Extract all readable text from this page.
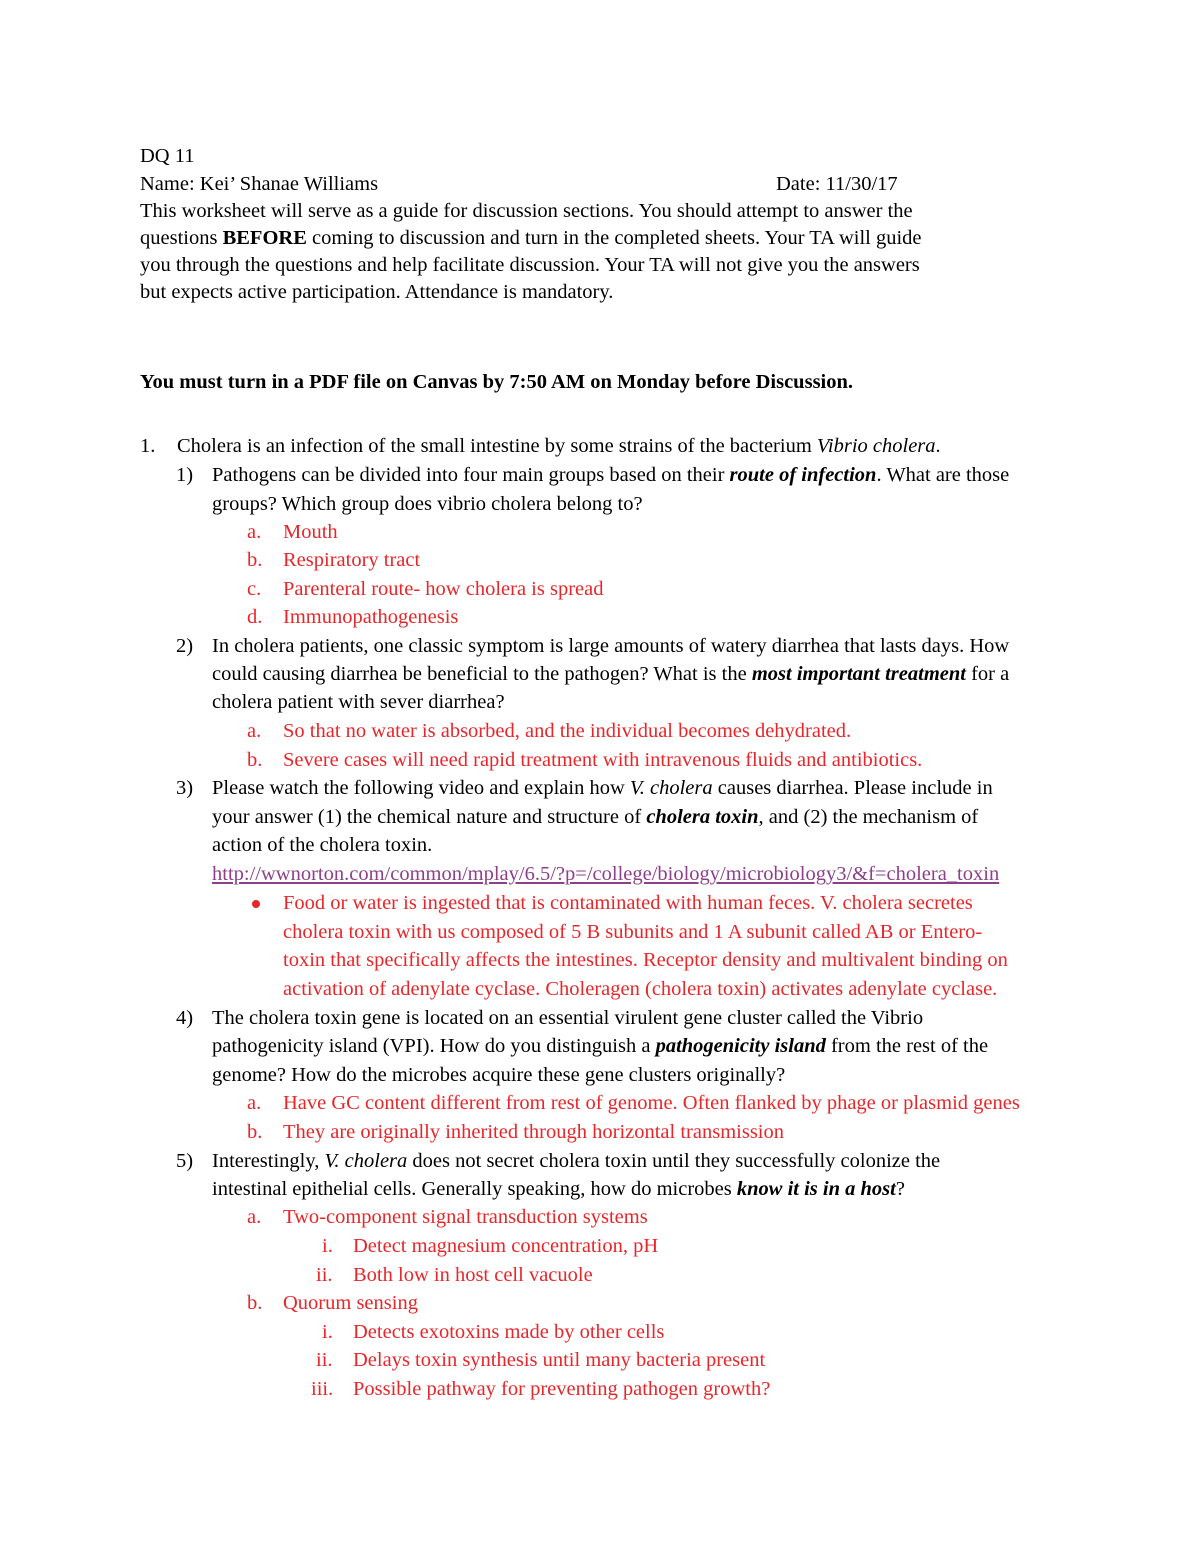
DQ 11
Name: Kei’ Shanae Williams	Date: 11/30/17
This worksheet will serve as a guide for discussion sections. You should attempt to answer the
questions BEFORE coming to discussion and turn in the completed sheets. Your TA will guide
you through the questions and help facilitate discussion. Your TA will not give you the answers
but expects active participation. Attendance is mandatory.
You must turn in a PDF file on Canvas by 7:50 AM on Monday before Discussion.
1. Cholera is an infection of the small intestine by some strains of the bacterium Vibrio cholera.
1) Pathogens can be divided into four main groups based on their route of infection. What are those
groups? Which group does vibrio cholera belong to?
a. Mouth
b. Respiratory tract
c. Parenteral route- how cholera is spread
d. Immunopathogenesis
2) In cholera patients, one classic symptom is large amounts of watery diarrhea that lasts days. How
could causing diarrhea be beneficial to the pathogen? What is the most important treatment for a
cholera patient with sever diarrhea?
a. So that no water is absorbed, and the individual becomes dehydrated.
b. Severe cases will need rapid treatment with intravenous fluids and antibiotics.
3) Please watch the following video and explain how V. cholera causes diarrhea. Please include in
your answer (1) the chemical nature and structure of cholera toxin, and (2) the mechanism of
action of the cholera toxin.
http://wwnorton.com/common/mplay/6.5/?p=/college/biology/microbiology3/&f=cholera_toxin
Food or water is ingested that is contaminated with human feces. V. cholera secretes
cholera toxin with us composed of 5 B subunits and 1 A subunit called AB or Entero-
toxin that specifically affects the intestines. Receptor density and multivalent binding on
activation of adenylate cyclase. Choleragen (cholera toxin) activates adenylate cyclase.
4) The cholera toxin gene is located on an essential virulent gene cluster called the Vibrio
pathogenicity island (VPI). How do you distinguish a pathogenicity island from the rest of the
genome? How do the microbes acquire these gene clusters originally?
a. Have GC content different from rest of genome. Often flanked by phage or plasmid genes
b. They are originally inherited through horizontal transmission
5) Interestingly, V. cholera does not secret cholera toxin until they successfully colonize the
intestinal epithelial cells. Generally speaking, how do microbes know it is in a host?
a. Two-component signal transduction systems
i. Detect magnesium concentration, pH
ii. Both low in host cell vacuole
b. Quorum sensing
i. Detects exotoxins made by other cells
ii. Delays toxin synthesis until many bacteria present
iii. Possible pathway for preventing pathogen growth?
